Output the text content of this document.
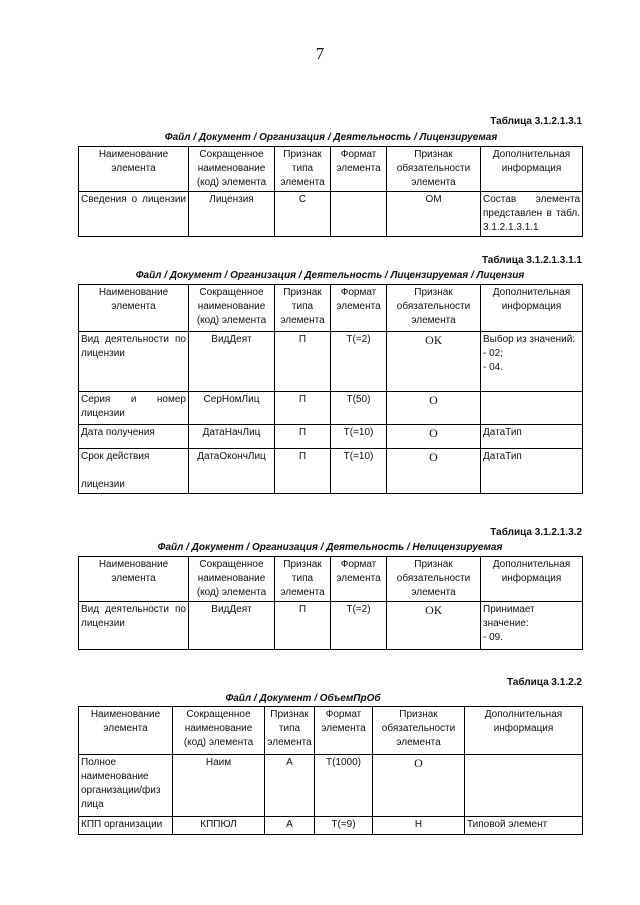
7
Таблица 3.1.2.1.3.1
Файл / Документ / Организация / Деятельность / Лицензируемая
Наименование элемента	Сокращенное наименование (код) элемента	Признак типа элемента	Формат элемента	Признак обязательности элемента	Дополнительная информация
Сведения о лицензии	Лицензия	С		ОМ	Состав элемента представлен в табл. 3.1.2.1.3.1.1
Таблица 3.1.2.1.3.1.1
Файл / Документ / Организация / Деятельность / Лицензируемая / Лицензия
Наименование элемента	Сокращенное наименование (код) элемента	Признак типа элемента	Формат элемента	Признак обязательности элемента	Дополнительная информация
Вид деятельности по лицензии	ВидДеят	П	Т(=2)	ОК	Выбор из значений:
- 02;
- 04.
Серия и номер лицензии	СерНомЛиц	П	Т(50)	О	
Дата получения	ДатаНачЛиц	П	Т(=10)	О	ДатаТип
Срок действия

лицензии	ДатаОкончЛиц	П	Т(=10)	О	ДатаТип
Таблица 3.1.2.1.3.2
Файл / Документ / Организация / Деятельность / Нелицензируемая
Наименование элемента	Сокращенное наименование (код) элемента	Признак типа элемента	Формат элемента	Признак обязательности элемента	Дополнительная информация
Вид деятельности по лицензии	ВидДеят	П	Т(=2)	ОК	Принимает значение:
- 09.
Таблица 3.1.2.2
Файл / Документ / ОбъемПрОб
Наименование элемента	Сокращенное наименование (код) элемента	Признак типа элемента	Формат элемента	Признак обязательности элемента	Дополнительная информация
Полное наименование организации/физ лица	Наим	А	Т(1000)	О	
КПП организации	КППЮЛ	А	Т(=9)	Н	Типовой элемент
